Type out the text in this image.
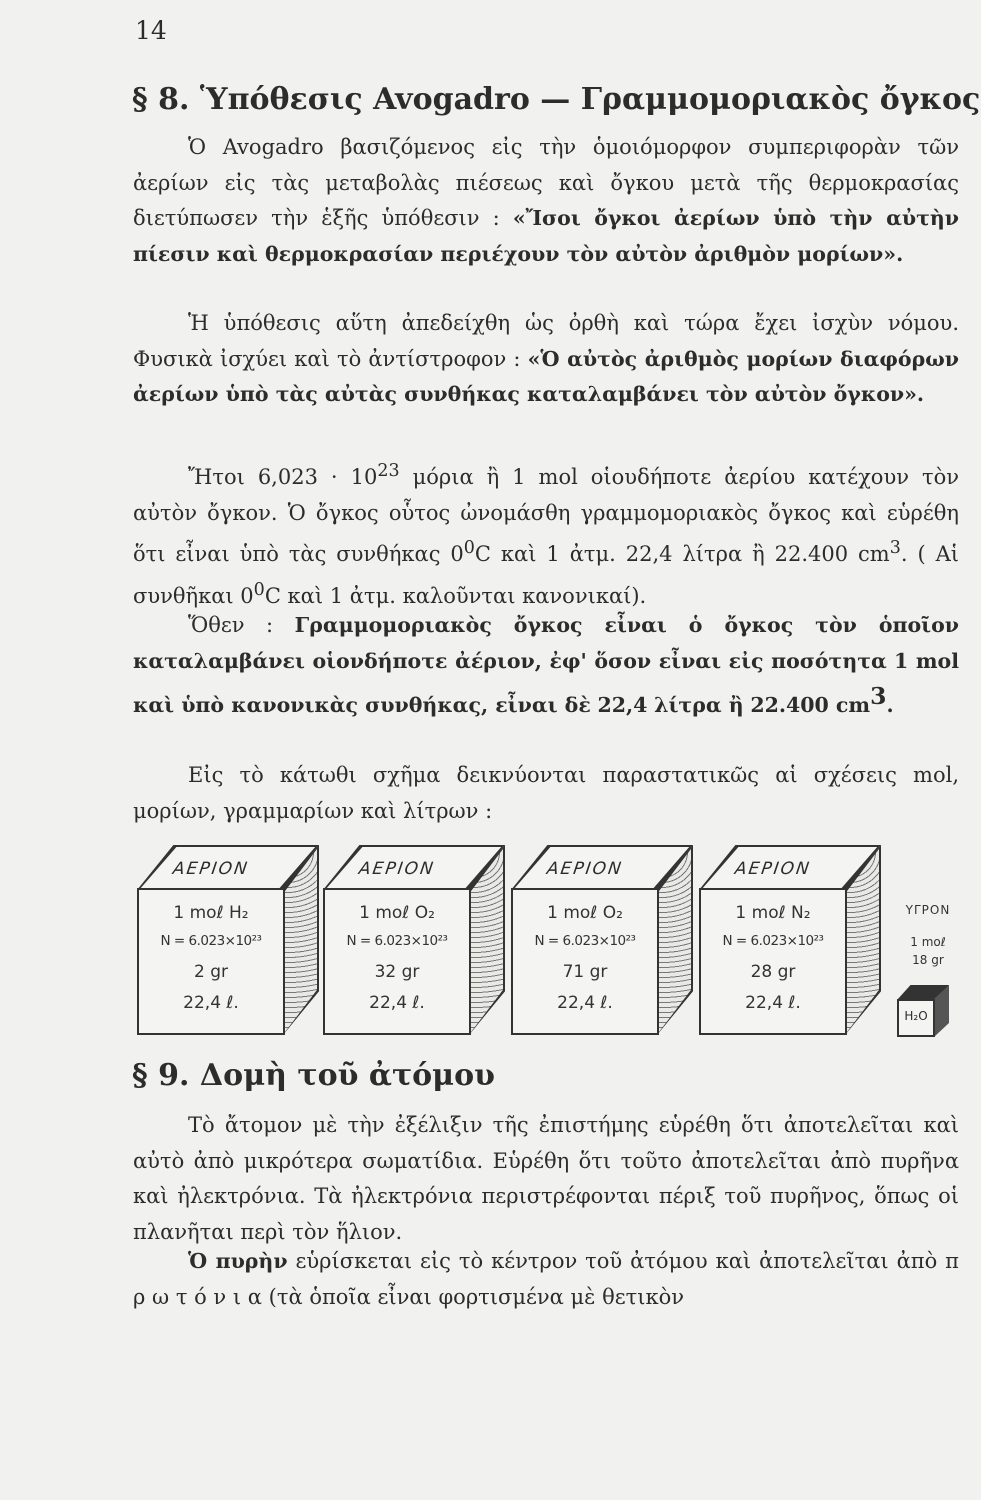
14
§ 8. Ὑπόθεσις Avogadro — Γραμμομοριακὸς ὄγκος

Ὁ Avogadro βασιζόμενος εἰς τὴν ὁμοιόμορφον συμπεριφορὰν τῶν ἀερίων εἰς τὰς μεταβολὰς πιέσεως καὶ ὄγκου μετὰ τῆς θερμοκρασίας διετύπωσεν τὴν ἑξῆς ὑπόθεσιν : «Ἴσοι ὄγκοι ἀερίων ὑπὸ τὴν αὐτὴν πίεσιν καὶ θερμοκρασίαν περιέχουν τὸν αὐτὸν ἀριθμὸν μορίων».

Ἡ ὑπόθεσις αὕτη ἀπεδείχθη ὡς ὀρθὴ καὶ τώρα ἔχει ἰσχὺν νόμου. Φυσικὰ ἰσχύει καὶ τὸ ἀντίστροφον : «Ὁ αὐτὸς ἀριθμὸς μορίων διαφόρων ἀερίων ὑπὸ τὰς αὐτὰς συνθήκας καταλαμβάνει τὸν αὐτὸν ὄγκον».

Ἤτοι $6,023 \cdot 10^{23}$ μόρια ἢ 1 mol οἱουδήποτε ἀερίου κατέχουν τὸν αὐτὸν ὄγκον. Ὁ ὄγκος οὗτος ὠνομάσθη γραμμομοριακὸς ὄγκος καὶ εὑρέθη ὅτι εἶναι ὑπὸ τὰς συνθήκας $0^0C$ καὶ 1 ἀτμ. 22,4 λίτρα ἢ 22.400 $cm^3$. ( Αἱ συνθῆκαι $0^0C$ καὶ 1 ἀτμ. καλοῦνται κανονικαί).

Ὅθεν : Γραμμομοριακὸς ὄγκος εἶναι ὁ ὄγκος τὸν ὁποῖον καταλαμβάνει οἱονδήποτε ἀέριον, ἐφ' ὅσον εἶναι εἰς ποσότητα 1 mol καὶ ὑπὸ κανονικὰς συνθήκας, εἶναι δὲ 22,4 λίτρα ἢ 22.400 $cm^3$.

Εἰς τὸ κάτωθι σχῆμα δεικνύονται παραστατικῶς αἱ σχέσεις mol, μορίων, γραμμαρίων καὶ λίτρων :

ΑΕΡΙΟΝ
1 moℓ H₂
N = 6.023×10²³
2 gr
22,4 ℓ.
ΑΕΡΙΟΝ
1 moℓ O₂
N = 6.023×10²³
32 gr
22,4 ℓ.
ΑΕΡΙΟΝ
1 moℓ O₂
N = 6.023×10²³
71 gr
22,4 ℓ.
ΑΕΡΙΟΝ
1 moℓ N₂
N = 6.023×10²³
28 gr
22,4 ℓ.
ΥΓΡΟΝ
1 moℓ
18 gr
H₂O
§ 9. Δομὴ τοῦ ἀτόμου

Τὸ ἄτομον μὲ τὴν ἐξέλιξιν τῆς ἐπιστήμης εὑρέθη ὅτι ἀποτελεῖται καὶ αὐτὸ ἀπὸ μικρότερα σωματίδια. Εὑρέθη ὅτι τοῦτο ἀποτελεῖται ἀπὸ πυρῆνα καὶ ἠλεκτρόνια. Τὰ ἠλεκτρόνια περιστρέφονται πέριξ τοῦ πυρῆνος, ὅπως οἱ πλανῆται περὶ τὸν ἥλιον.

Ὁ πυρὴν εὑρίσκεται εἰς τὸ κέντρον τοῦ ἀτόμου καὶ ἀποτελεῖται ἀπὸ π ρ ω τ ό ν ι α (τὰ ὁποῖα εἶναι φορτισμένα μὲ θετικὸν
